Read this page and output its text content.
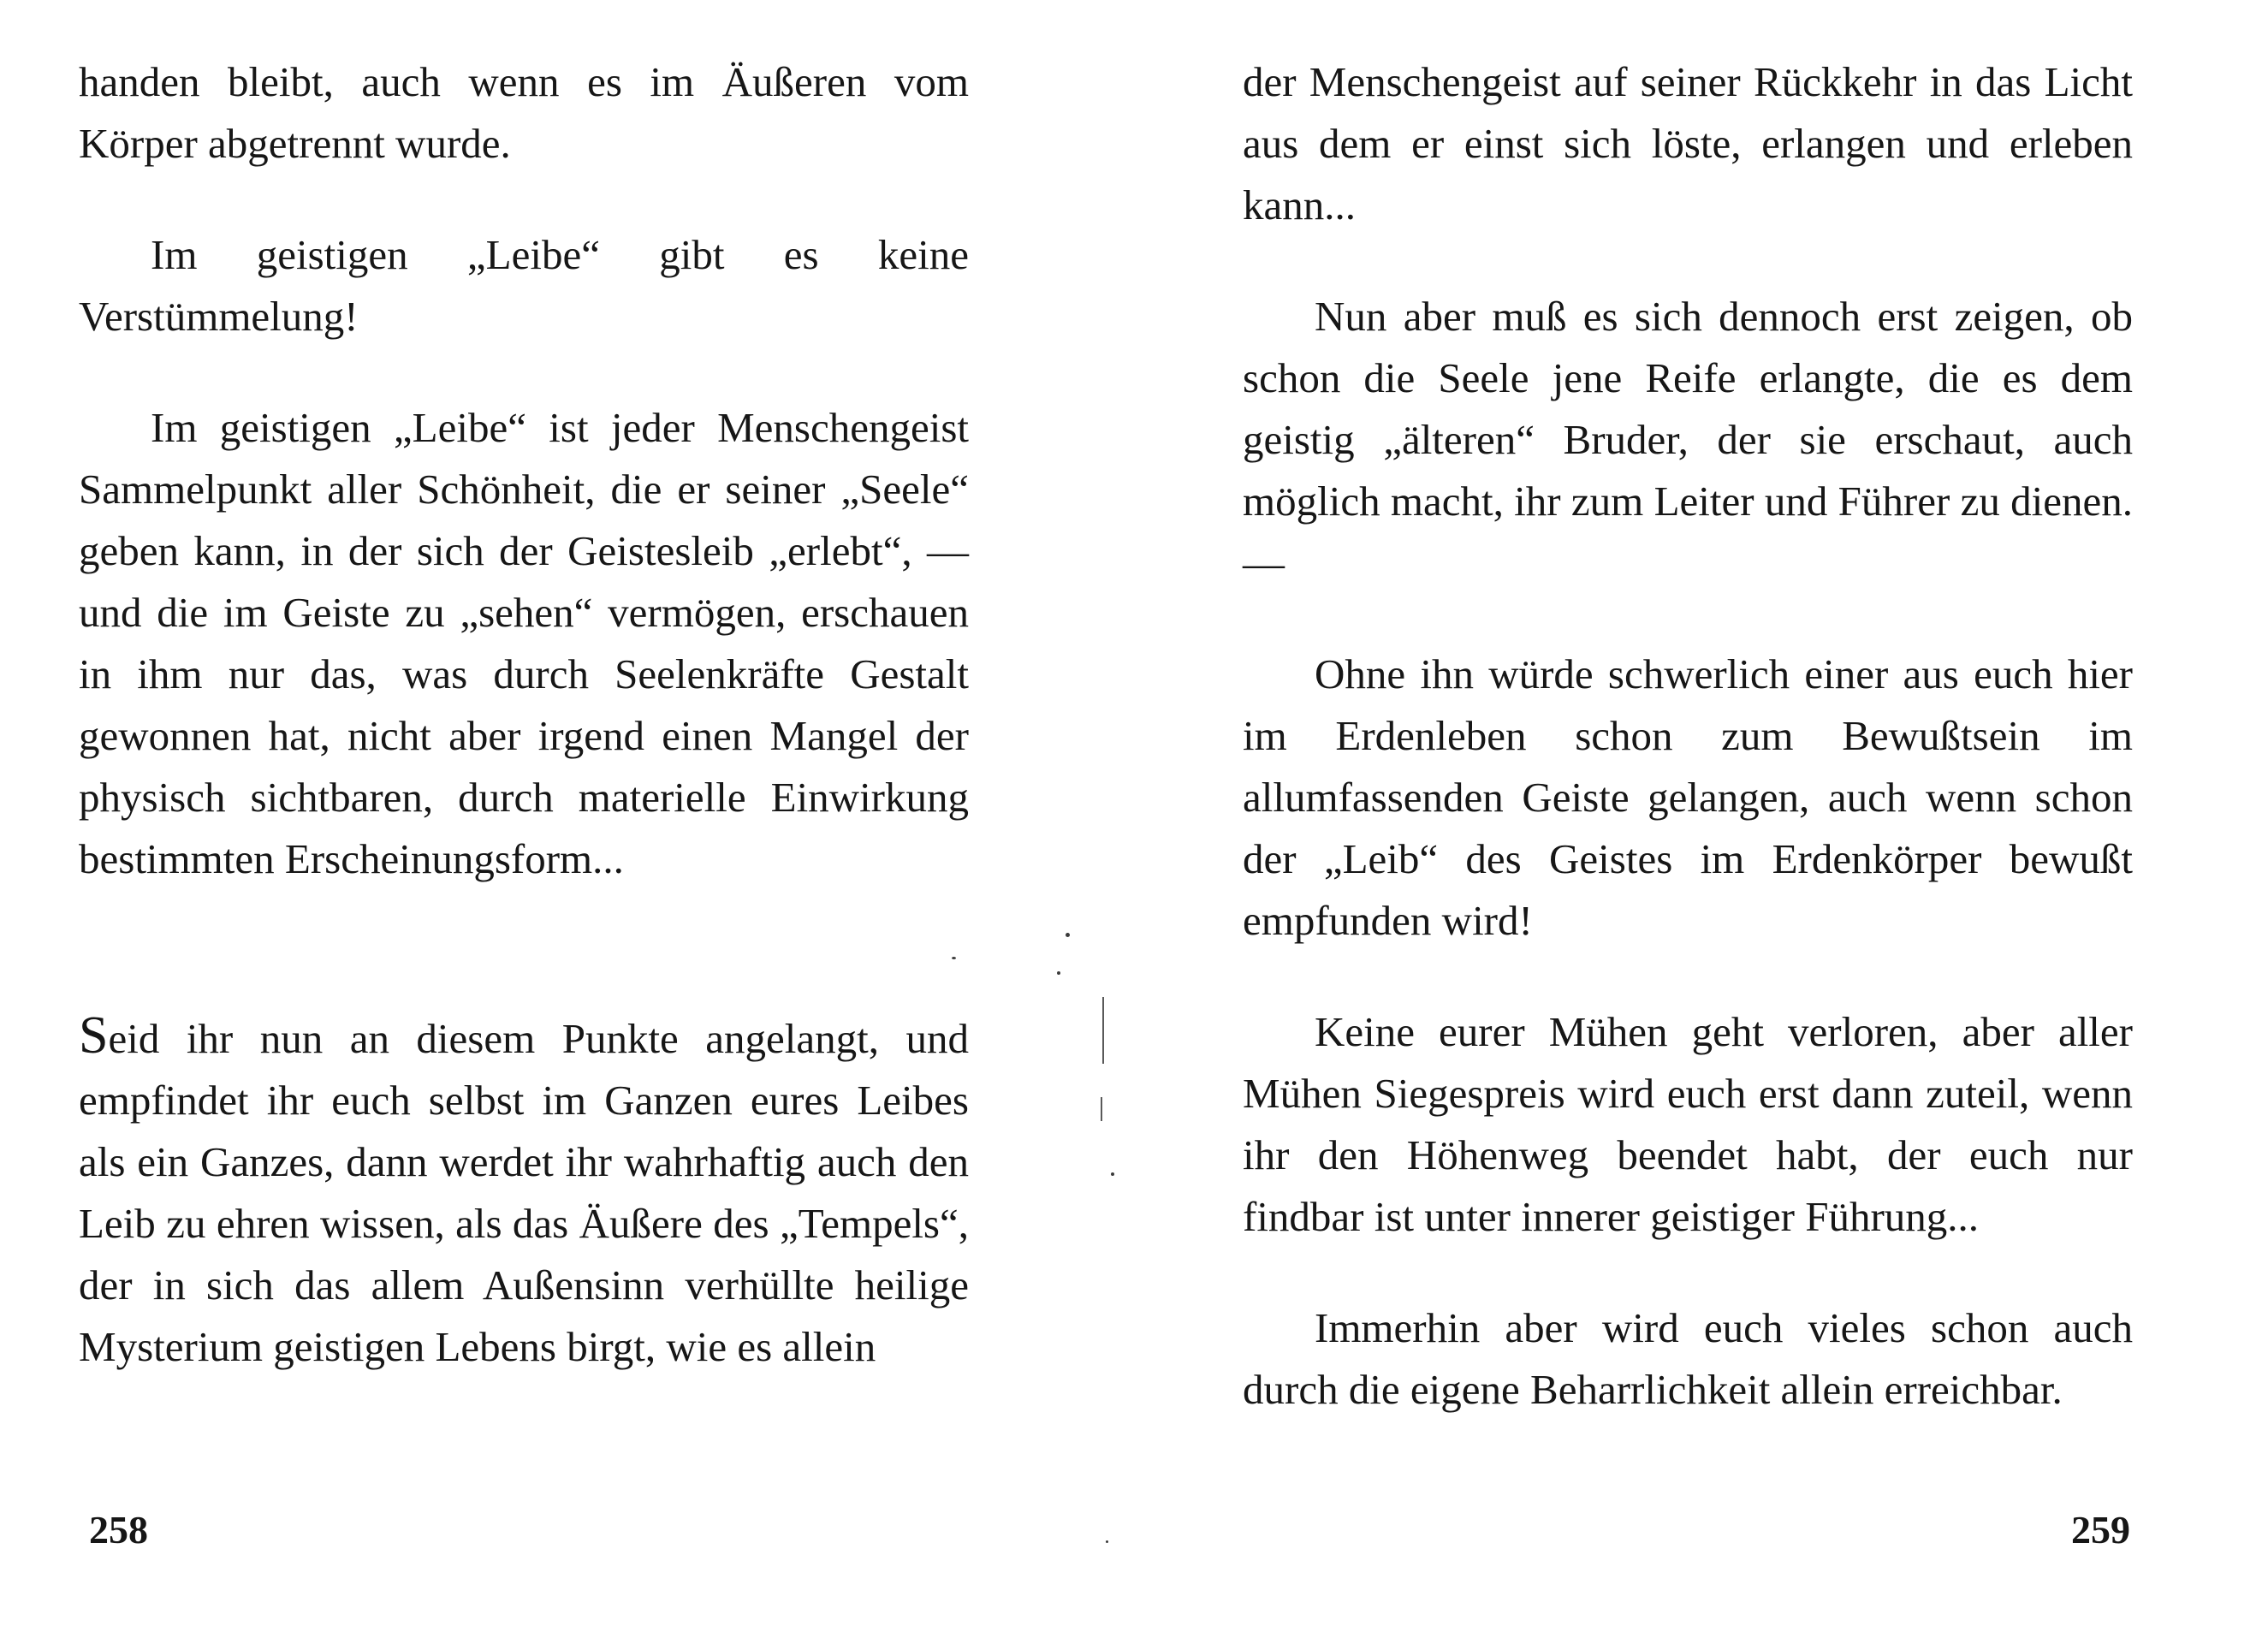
handen bleibt, auch wenn es im Äußeren vom Körper abgetrennt wurde.

Im geistigen „Leibe“ gibt es keine Verstümmelung!

Im geistigen „Leibe“ ist jeder Menschengeist Sammelpunkt aller Schönheit, die er seiner „Seele“ geben kann, in der sich der Geistesleib „erlebt“, — und die im Geiste zu „sehen“ vermögen, erschauen in ihm nur das, was durch Seelenkräfte Gestalt gewonnen hat, nicht aber irgend einen Mangel der physisch sichtbaren, durch materielle Einwirkung bestimmten Erscheinungsform...

Seid ihr nun an diesem Punkte angelangt, und empfindet ihr euch selbst im Ganzen eures Leibes als ein Ganzes, dann werdet ihr wahrhaftig auch den Leib zu ehren wissen, als das Äußere des „Tempels“, der in sich das allem Außensinn verhüllte heilige Mysterium geistigen Lebens birgt, wie es allein

258

der Menschengeist auf seiner Rückkehr in das Licht aus dem er einst sich löste, erlangen und erleben kann...

Nun aber muß es sich dennoch erst zeigen, ob schon die Seele jene Reife erlangte, die es dem geistig „älteren“ Bruder, der sie erschaut, auch möglich macht, ihr zum Leiter und Führer zu dienen. —

Ohne ihn würde schwerlich einer aus euch hier im Erdenleben schon zum Bewußtsein im allumfassenden Geiste gelangen, auch wenn schon der „Leib“ des Geistes im Erdenkörper bewußt empfunden wird!

Keine eurer Mühen geht verloren, aber aller Mühen Siegespreis wird euch erst dann zuteil, wenn ihr den Höhenweg beendet habt, der euch nur findbar ist unter innerer geistiger Führung...

Immerhin aber wird euch vieles schon auch durch die eigene Beharrlichkeit allein erreichbar.

259
